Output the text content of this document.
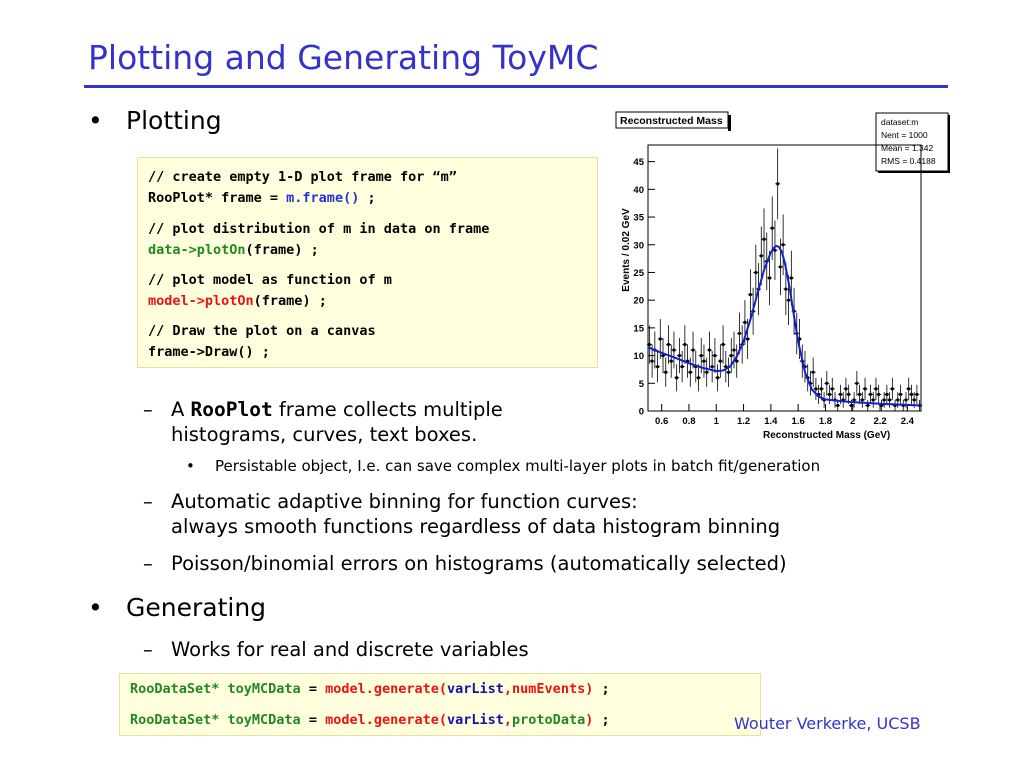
Plotting and Generating ToyMC
• Plotting
// create empty 1-D plot frame for “m”
RooPlot* frame = m.frame() ;
// plot distribution of m in data on frame
data->plotOn(frame) ;
// plot model as function of m
model->plotOn(frame) ;
// Draw the plot on a canvas
frame->Draw() ;
Reconstructed Mass	dataset:m
Nent = 1000
Mean = 1.342
RMS = 0.4188
0
5
10
15
20
25
30
35
40
45
0.6 0.8 1 1.2 1.4 1.6 1.8 2 2.2 2.4
Reconstructed Mass (GeV)
Events / 0.02 GeV
– A RooPlot frame collects multiple
histograms, curves, text boxes.
• Persistable object, I.e. can save complex multi-layer plots in batch fit/generation
– Automatic adaptive binning for function curves:
always smooth functions regardless of data histogram binning
– Poisson/binomial errors on histograms (automatically selected)
• Generating
– Works for real and discrete variables
RooDataSet* toyMCData = model.generate(varList,numEvents) ;
RooDataSet* toyMCData = model.generate(varList,protoData) ;	Wouter Verkerke, UCSB
